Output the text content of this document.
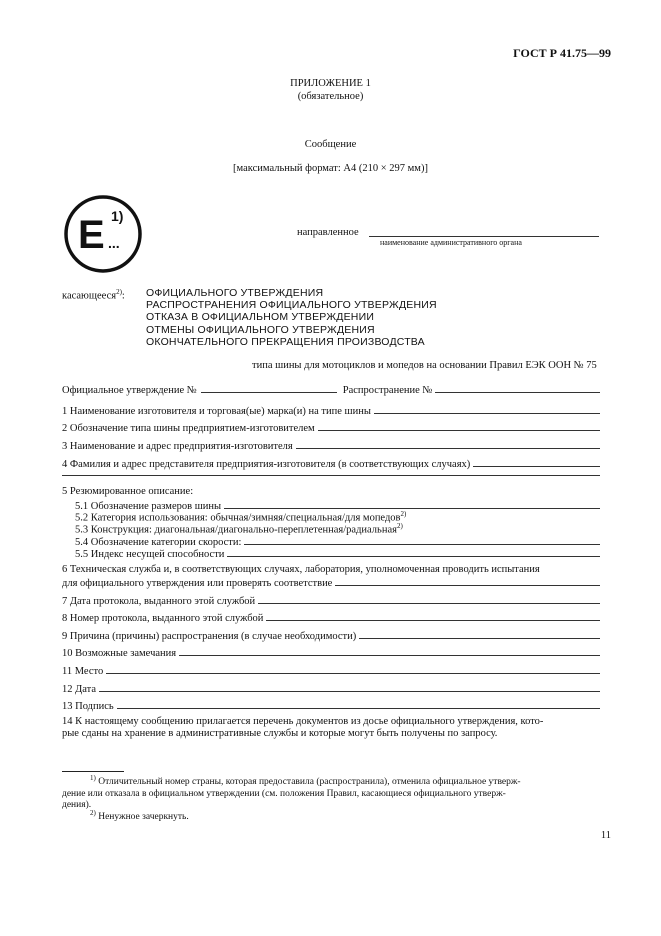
ГОСТ Р 41.75—99
ПРИЛОЖЕНИЕ 1
(обязательное)
Сообщение
[максимальный формат: А4 (210 × 297 мм)]
E 1)
...
направленное
наименование административного органа
касающееся$^{2)}$: ОФИЦИАЛЬНОГО УТВЕРЖДЕНИЯ
РАСПРОСТРАНЕНИЯ ОФИЦИАЛЬНОГО УТВЕРЖДЕНИЯ
ОТКАЗА В ОФИЦИАЛЬНОМ УТВЕРЖДЕНИИ
ОТМЕНЫ ОФИЦИАЛЬНОГО УТВЕРЖДЕНИЯ
ОКОНЧАТЕЛЬНОГО ПРЕКРАЩЕНИЯ ПРОИЗВОДСТВА
типа шины для мотоциклов и мопедов на основании Правил ЕЭК ООН № 75
Официальное утверждение №	Распространение №
1 Наименование изготовителя и торговая(ые) марка(и) на типе шины
2 Обозначение типа шины предприятием-изготовителем
3 Наименование и адрес предприятия-изготовителя
4 Фамилия и адрес представителя предприятия-изготовителя (в соответствующих случаях)
5 Резюмированное описание:
5.1 Обозначение размеров шины
5.2 Категория использования: обычная/зимняя/специальная/для мопедов$^{2)}$
5.3 Конструкция: диагональная/диагонально-переплетенная/радиальная$^{2)}$
5.4 Обозначение категории скорости:
5.5 Индекс несущей способности
6 Техническая служба и, в соответствующих случаях, лаборатория, уполномоченная проводить испытания
для официального утверждения или проверять соответствие
7 Дата протокола, выданного этой службой
8 Номер протокола, выданного этой службой
9 Причина (причины) распространения (в случае необходимости)
10 Возможные замечания
11 Место
12 Дата
13 Подпись
14 К настоящему сообщению прилагается перечень документов из досье официального утверждения, кото-
рые сданы на хранение в административные службы и которые могут быть получены по запросу.
$^{1)}$ Отличительный номер страны, которая предоставила (распространила), отменила официальное утверж-
дение или отказала в официальном утверждении (см. положения Правил, касающиеся официального утверж-
дения).
$^{2)}$ Ненужное зачеркнуть.
11
